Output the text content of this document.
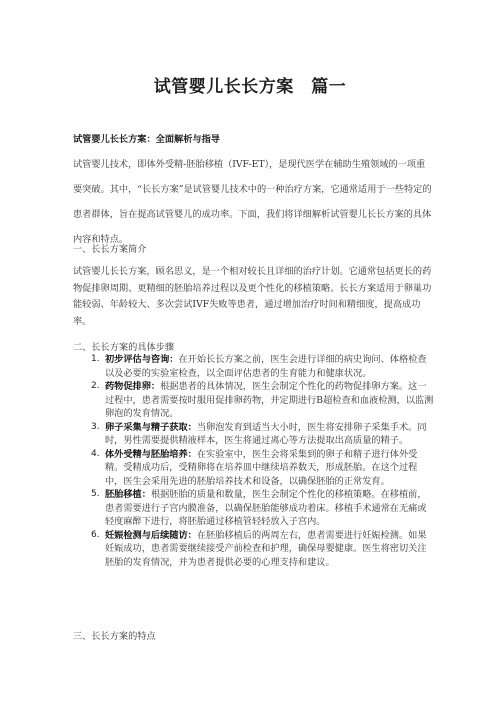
试管婴儿长长方案　篇一
试管婴儿长长方案：全面解析与指导
试管婴儿技术，即体外受精-胚胎移植（IVF-ET），是现代医学在辅助生殖领域的一项重要突破。其中，“长长方案”是试管婴儿技术中的一种治疗方案，它通常适用于一些特定的患者群体，旨在提高试管婴儿的成功率。下面，我们将详细解析试管婴儿长长方案的具体内容和特点。
一、长长方案简介
试管婴儿长长方案，顾名思义，是一个相对较长且详细的治疗计划。它通常包括更长的药物促排卵周期、更精细的胚胎培养过程以及更个性化的移植策略。长长方案适用于卵巢功能较弱、年龄较大、多次尝试IVF失败等患者，通过增加治疗时间和精细度，提高成功率。
二、长长方案的具体步骤
1. 初步评估与咨询：在开始长长方案之前，医生会进行详细的病史询问、体格检查以及必要的实验室检查，以全面评估患者的生育能力和健康状况。
2. 药物促排卵：根据患者的具体情况，医生会制定个性化的药物促排卵方案。这一过程中，患者需要按时服用促排卵药物，并定期进行B超检查和血液检测，以监测卵泡的发育情况。
3. 卵子采集与精子获取：当卵泡发育到适当大小时，医生将安排卵子采集手术。同时，男性需要提供精液样本，医生将通过离心等方法提取出高质量的精子。
4. 体外受精与胚胎培养：在实验室中，医生会将采集到的卵子和精子进行体外受精。受精成功后，受精卵将在培养皿中继续培养数天，形成胚胎。在这个过程中，医生会采用先进的胚胎培养技术和设备，以确保胚胎的正常发育。
5. 胚胎移植：根据胚胎的质量和数量，医生会制定个性化的移植策略。在移植前，患者需要进行子宫内膜准备，以确保胚胎能够成功着床。移植手术通常在无痛或轻度麻醉下进行，将胚胎通过移植管轻轻放入子宫内。
6. 妊娠检测与后续随访：在胚胎移植后的两周左右，患者需要进行妊娠检测。如果妊娠成功，患者需要继续接受产前检查和护理，确保母婴健康。医生将密切关注胚胎的发育情况，并为患者提供必要的心理支持和建议。
三、长长方案的特点
